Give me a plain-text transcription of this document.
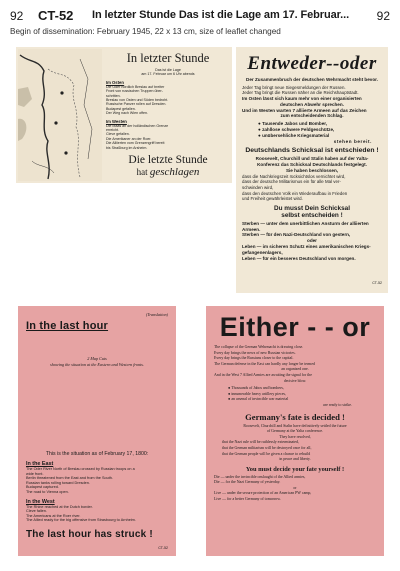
92 CT-52 In letzter Stunde Das ist die Lage am 17. Februar... 92
Begin of dissemination: February 1945, 22 x 13 cm, size of leaflet changed
In letzter Stunde
Das ist die Lage
am 17. Februar um 6 Uhr abends
Im Osten
Die Oder nördlich Breslau auf breiter
Front von russischen Truppen über-
schritten.
Breslau von Osten und Süden bedroht.
Russische Panzer rollen auf Dresden.
Budapest gefallen.
Der Weg nach Wien offen.
Im Westen
Die Maas an der holländischen Grenze
erreicht.
Cleve gefallen.
Die Amerikaner an der Roer.
Die Alliierten vom Grenzengriff bereit
bis Straßburg im Arsheim.
Die letzte Stunde
hat geschlagen
Entweder--oder
Der Zusammenbruch der deutschen Wehrmacht steht bevor.
Jeder Tag bringt neue Siegesmeldungen der Russen.
Jeder Tag bringt die Russen näher an die Reichshauptstadt.
Im Osten lässt sich kaum mehr von einer organisierten
deutschen Abwehr sprechen.
Und im Westen warten 7 alliierte Armeen auf das Zeichen
zum entscheidenden Schlag.
● Tausende Jabos und Bomber,
● zahllose schwere Feldgeschütze,
● unübersehliche Kriegsmaterial
stehen bereit.
Deutschlands Schicksal ist entschieden !
Roosevelt, Churchill und Stalin haben auf der Yalta-
Konferenz das Schicksal Deutschlands festgelegt.
Sie haben beschlossen,
dass die Nachkriegszeit rücksichtslos vernichtet wird,
dass der deutsche Militarismus ein für alle Mal ver-
schwinden wird,
dass den deutschen Volk ein Wiederaufbau in Frieden
und Freiheit gewährleistet wird.
Du musst Dein Schicksal
selbst entscheiden !
Sterben — unter dem unerbittlichen Ansturm der alliierten Armeen.
Sterben — für den Nazi-Deutschland von gestern,
oder
Leben — im sicheren Schutz eines amerikanischen Kriegs-gefangenenlagers,
Leben — für ein besseres Deutschland von morgen.
CT-52
(Translation)
In the last hour
2 Map Cuts
showing the situation at the Eastern and Western fronts.
This is the situation as of February 17, 1800:
In the East
The Oder River North of Breslau crossed by Russian troops on a
wide front.
Berlin threatened from the East and from the South.
Russian tanks rolling toward Dresden.
Budapest captured.
The road to Vienna open.
In the West
The Rhine reached at the Dutch border.
Cleve fallen.
The Americans at the Roer river.
The Allied ready for the big offensive from Strasbourg to Arnheim.
The last hour has struck !
CT-52
Either - - or
The collapse of the German Wehrmacht is drawing close.
Every day brings the news of new Russian victories.
Every day brings the Russians closer to the capital.
The German defense in the East can hardly any longer be termed
an organized one.
And in the West 7 Allied Armies are awaiting the signal for the
decisive blow.
● Thousands of Jabos and bombers,
● innumerable heavy artillery pieces,
● an arsenal of invincible war material
are ready to strike.
Germany's fate is decided !
Roosevelt, Churchill and Stalin have definitively settled the future
of Germany at the Yalta conference.
They have resolved,
that the Nazi rule will be ruthlessly exterminated,
that the German militarism will be destroyed once for all,
that the German people will be given a chance to rebuild
in peace and liberty.
You must decide your fate yourself !
Die — under the invincible onslaught of the Allied armies,
Die — for the Nazi Germany of yesterday.
or
Live — under the secure protection of an American PW camp,
Live — for a better Germany of tomorrow.
